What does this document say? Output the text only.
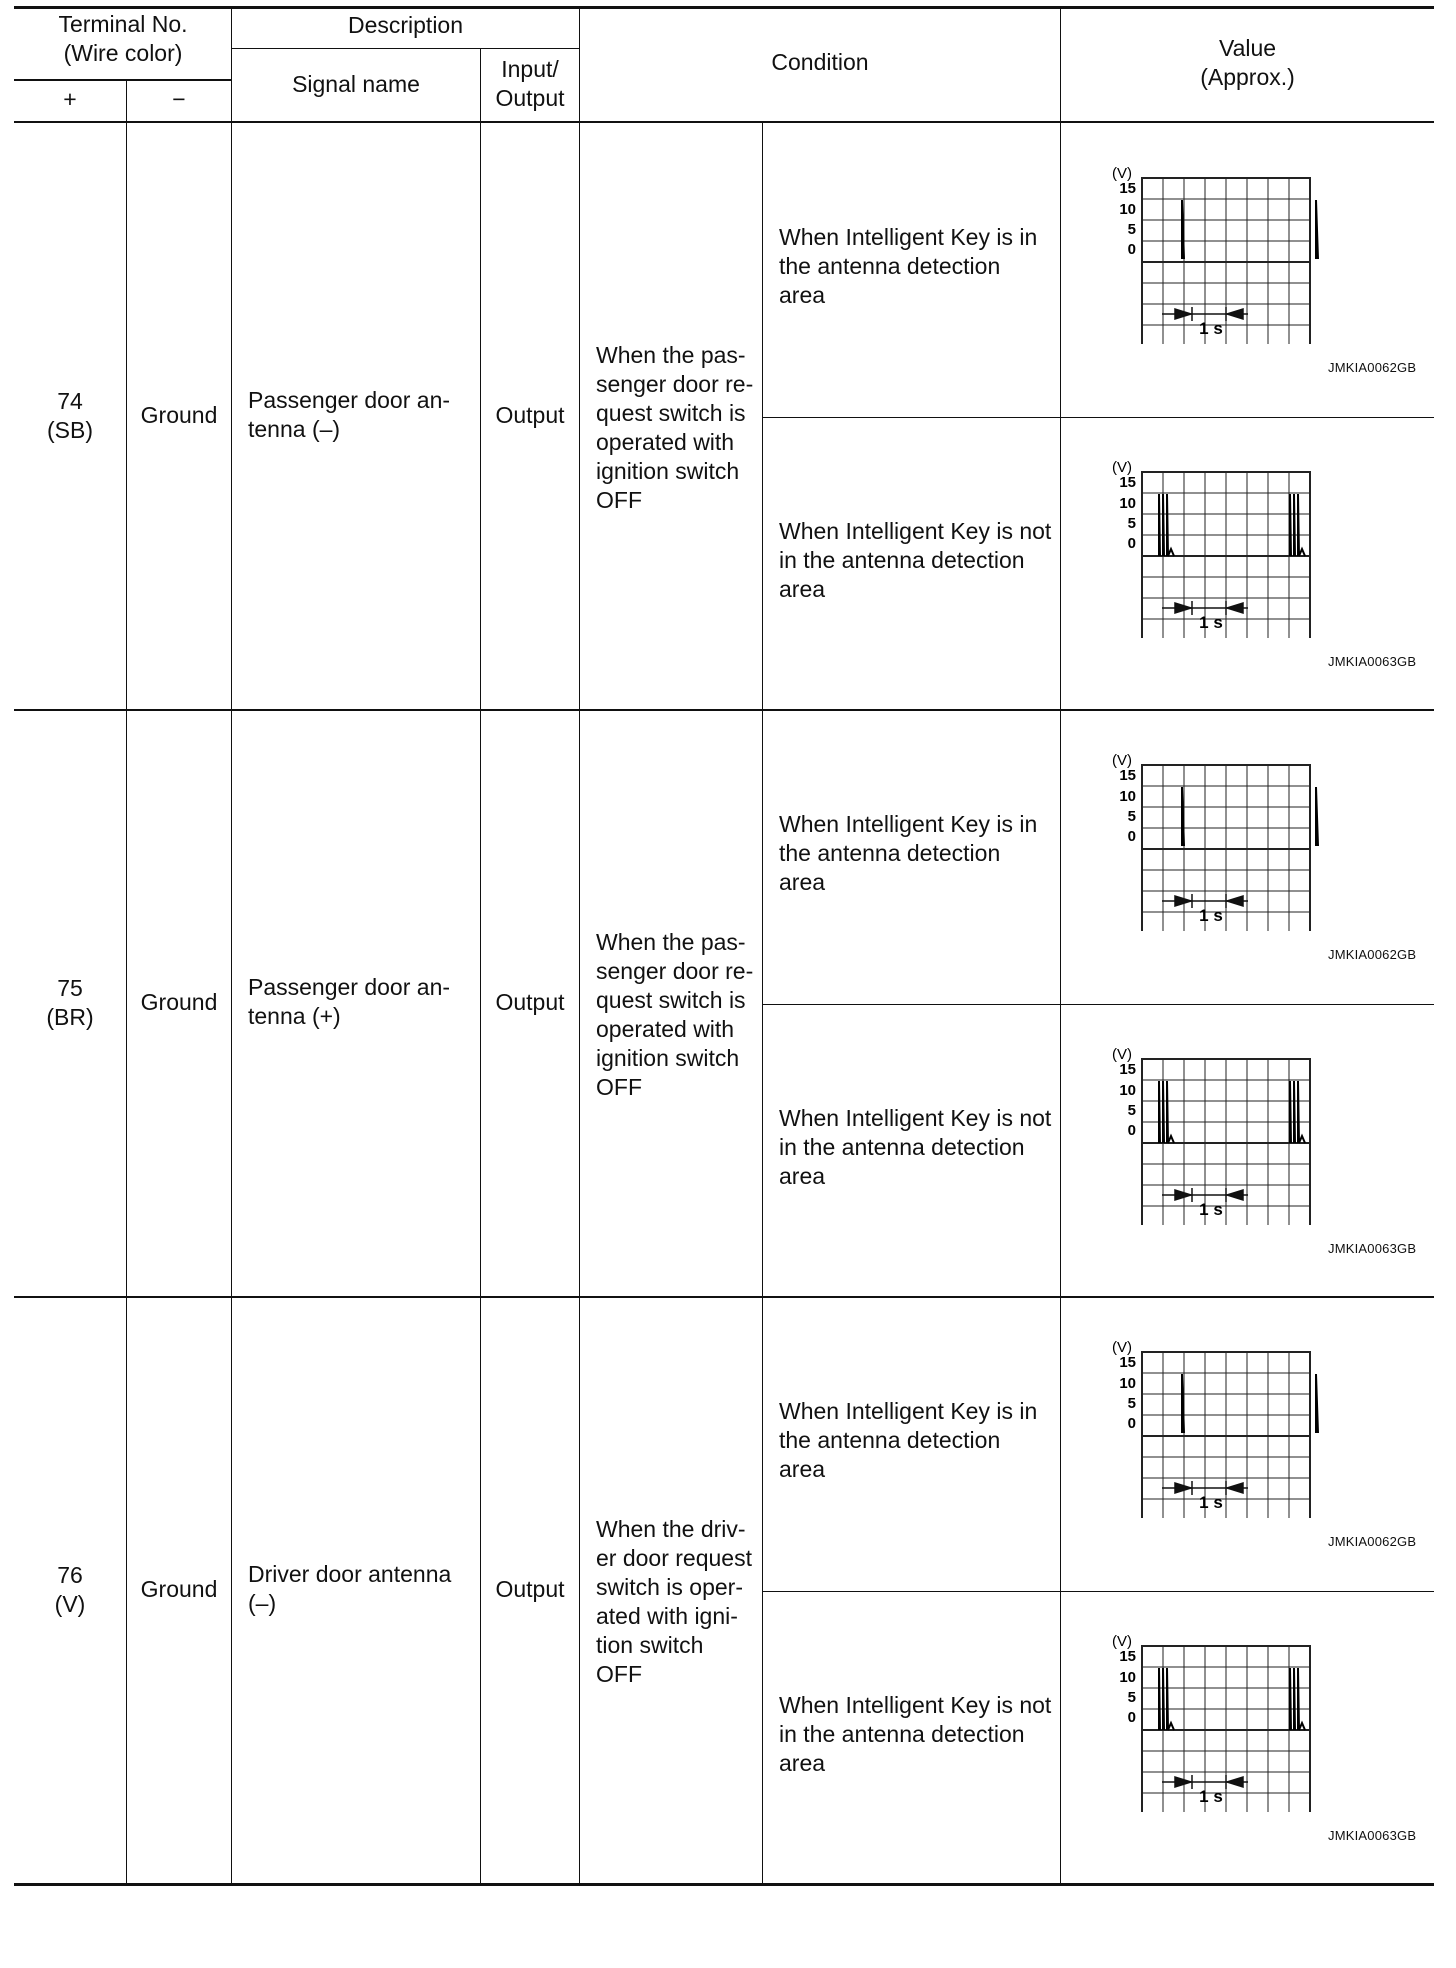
Terminal No.
(Wire color)
+	−
Description
Signal name
Input/
Output
Condition
Value
(Approx.)
74
(SB)
Ground
Passenger door an-
tenna (–)
Output
When the pas-
senger door re-
quest switch is
operated with
ignition switch
OFF
When Intelligent Key is in
the antenna detection
area
When Intelligent Key is not
in the antenna detection
area
(V)
15
10
5
0
1 s
(V)
15
10
5
0
1 s
JMKIA0062GB
JMKIA0063GB
75
(BR)
Ground
Passenger door an-
tenna (+)
Output
When the pas-
senger door re-
quest switch is
operated with
ignition switch
OFF
When Intelligent Key is in
the antenna detection
area
When Intelligent Key is not
in the antenna detection
area
(V)
15
10
5
0
1 s
(V)
15
10
5
0
1 s
JMKIA0062GB
JMKIA0063GB
76
(V)
Ground
Driver door antenna
(–)
Output
When the driv-
er door request
switch is oper-
ated with igni-
tion switch
OFF
When Intelligent Key is in
the antenna detection
area
When Intelligent Key is not
in the antenna detection
area
(V)
15
10
5
0
1 s
(V)
15
10
5
0
1 s
JMKIA0062GB
JMKIA0063GB
